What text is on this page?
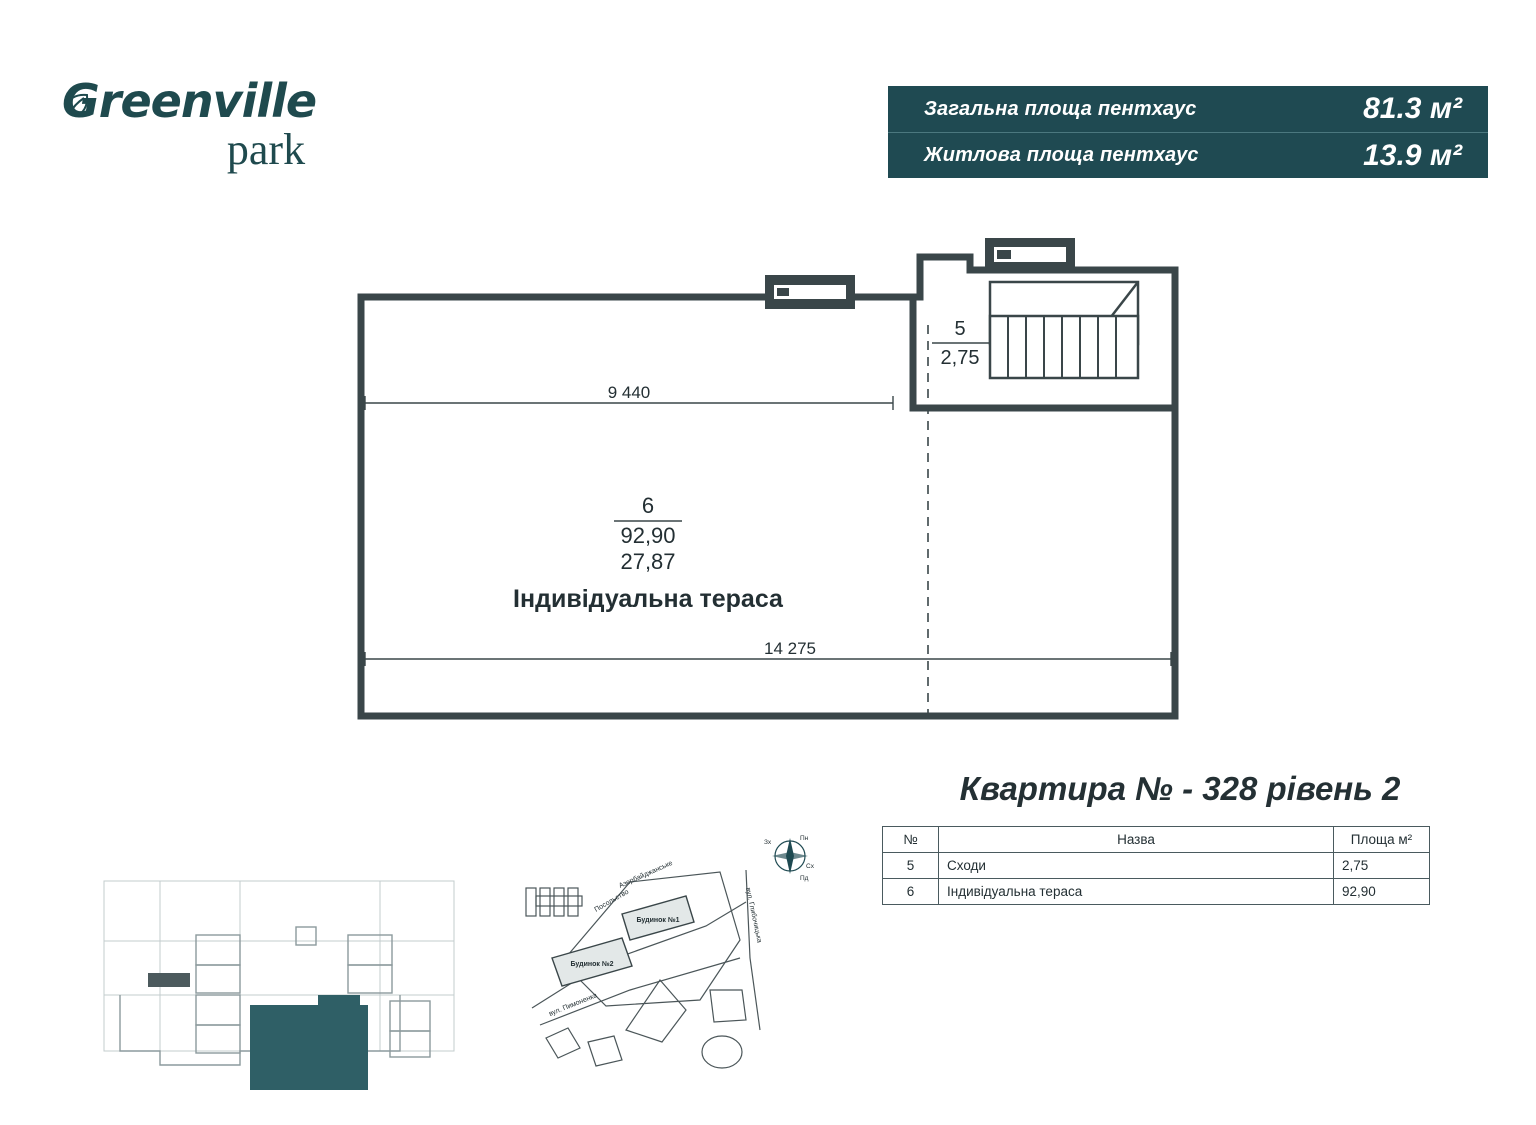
Greenville
park
Загальна площа пентхаус	81.3 м²
Житлова площа пентхаус	13.9 м²
9 440
14 275
5
2,75
6
92,90
27,87
Індивідуальна тераса
Квартира № - 328 рівень 2
№	Назва	Площа м²
5	Сходи	2,75
6	Індивідуальна тераса	92,90
Будинок №1
Будинок №2
Посольство
Азербайджанське
вул. Пимоненка
вул. Глибочицька
Пн
Пд
Сх
Зх
